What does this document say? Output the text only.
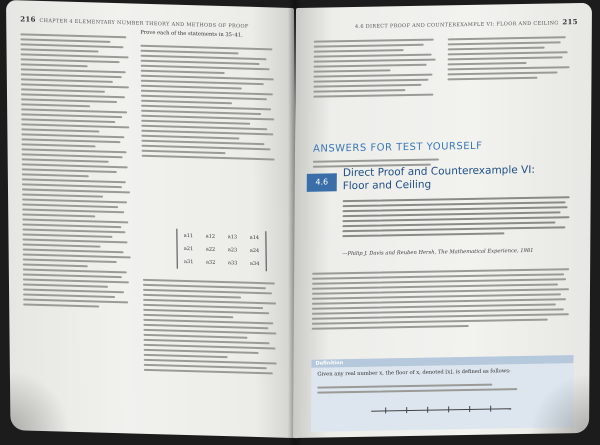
216 CHAPTER 4 ELEMENTARY NUMBER THEORY AND METHODS OF PROOF

Prove each of the statements in 35–41.

a11	a12	a13	a14
a21	a22	a23	a24
a31	a32	a33	a34
4.6 DIRECT PROOF AND COUNTEREXAMPLE VI: FLOOR AND CEILING 215
ANSWERS FOR TEST YOURSELF
4.6
Direct Proof and Counterexample VI:
Floor and Ceiling
—Philip J. Davis and Reuben Hersh, The Mathematical Experience, 1981
Definition
Given any real number x, the floor of x, denoted ⌊x⌋, is defined as follows:
